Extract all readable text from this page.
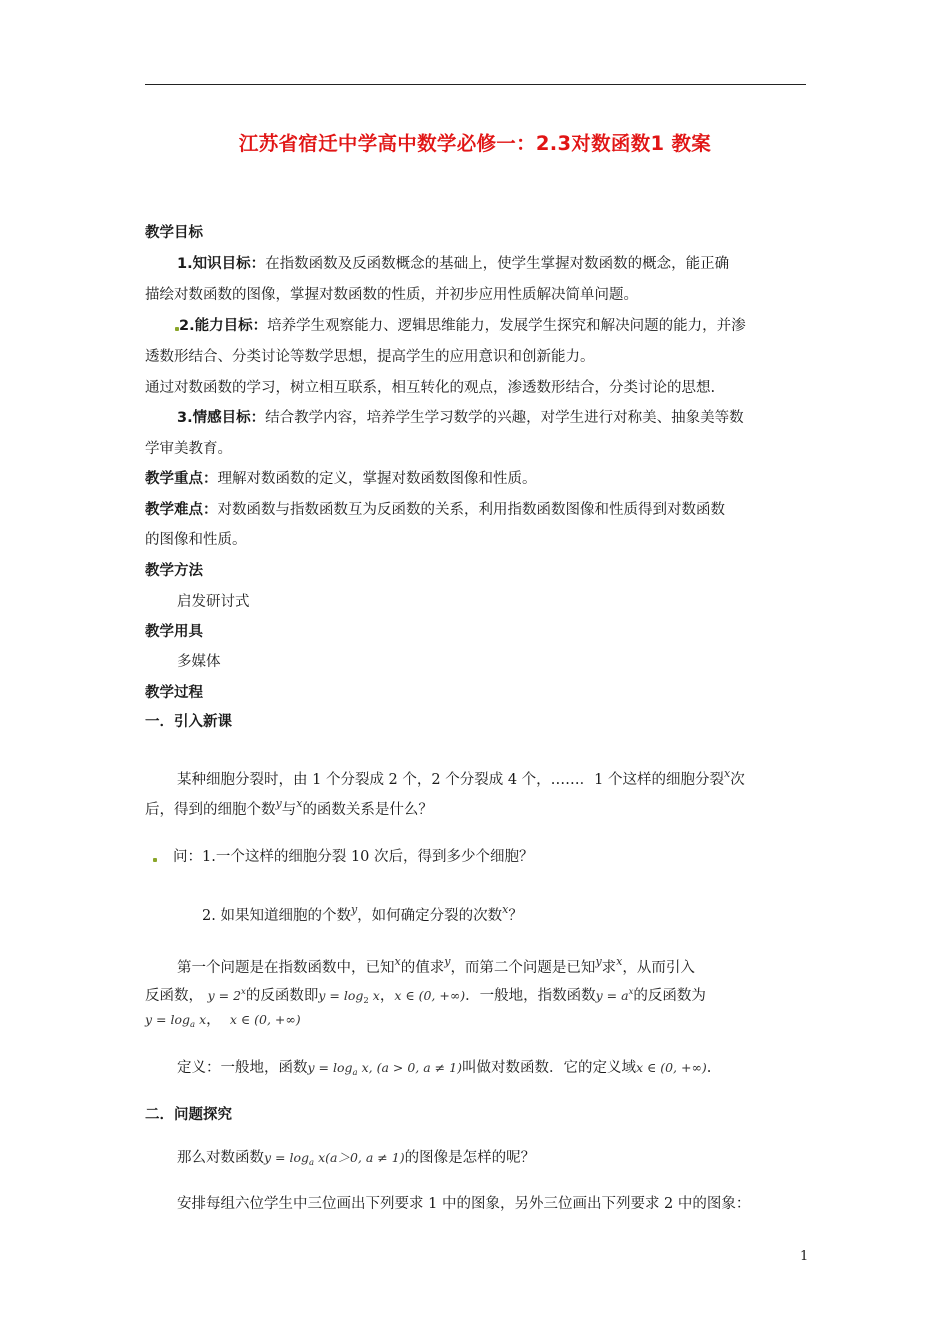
江苏省宿迁中学高中数学必修一：2.3对数函数1 教案
教学目标
1.知识目标：在指数函数及反函数概念的基础上，使学生掌握对数函数的概念，能正确
描绘对数函数的图像，掌握对数函数的性质，并初步应用性质解决简单问题。
2.能力目标：培养学生观察能力、逻辑思维能力，发展学生探究和解决问题的能力，并渗
透数形结合、分类讨论等数学思想，提高学生的应用意识和创新能力。
通过对数函数的学习，树立相互联系，相互转化的观点，渗透数形结合，分类讨论的思想.
3.情感目标：结合教学内容，培养学生学习数学的兴趣，对学生进行对称美、抽象美等数
学审美教育。
教学重点：理解对数函数的定义，掌握对数函数图像和性质。
教学难点：对数函数与指数函数互为反函数的关系，利用指数函数图像和性质得到对数函数
的图像和性质。
教学方法
启发研讨式
教学用具
多媒体
教学过程
一．引入新课
某种细胞分裂时，由 1 个分裂成 2 个，2 个分裂成 4 个，……．1 个这样的细胞分裂$^x$次
后，得到的细胞个数$^y$与$^x$的函数关系是什么？
问：1.一个这样的细胞分裂 10 次后，得到多少个细胞？
2. 如果知道细胞的个数$^y$，如何确定分裂的次数$^x$？
第一个问题是在指数函数中，已知$^x$的值求$^y$，而第二个问题是已知$^y$求$^x$，从而引入
反函数， $y = 2^x$的反函数即$y = \log_2 x$，x ∈ (0, +∞)．一般地，指数函数$y = a^x$的反函数为
$y = \log_a x$，  x ∈ (0, +∞)
定义：一般地，函数$y = \log_a x$, (a > 0, a ≠ 1)叫做对数函数．它的定义域x ∈ (0, +∞).
二．问题探究
那么对数函数$y = \log_a x(a>0$, a ≠ 1)的图像是怎样的呢？
安排每组六位学生中三位画出下列要求 1 中的图象，另外三位画出下列要求 2 中的图象：
1
